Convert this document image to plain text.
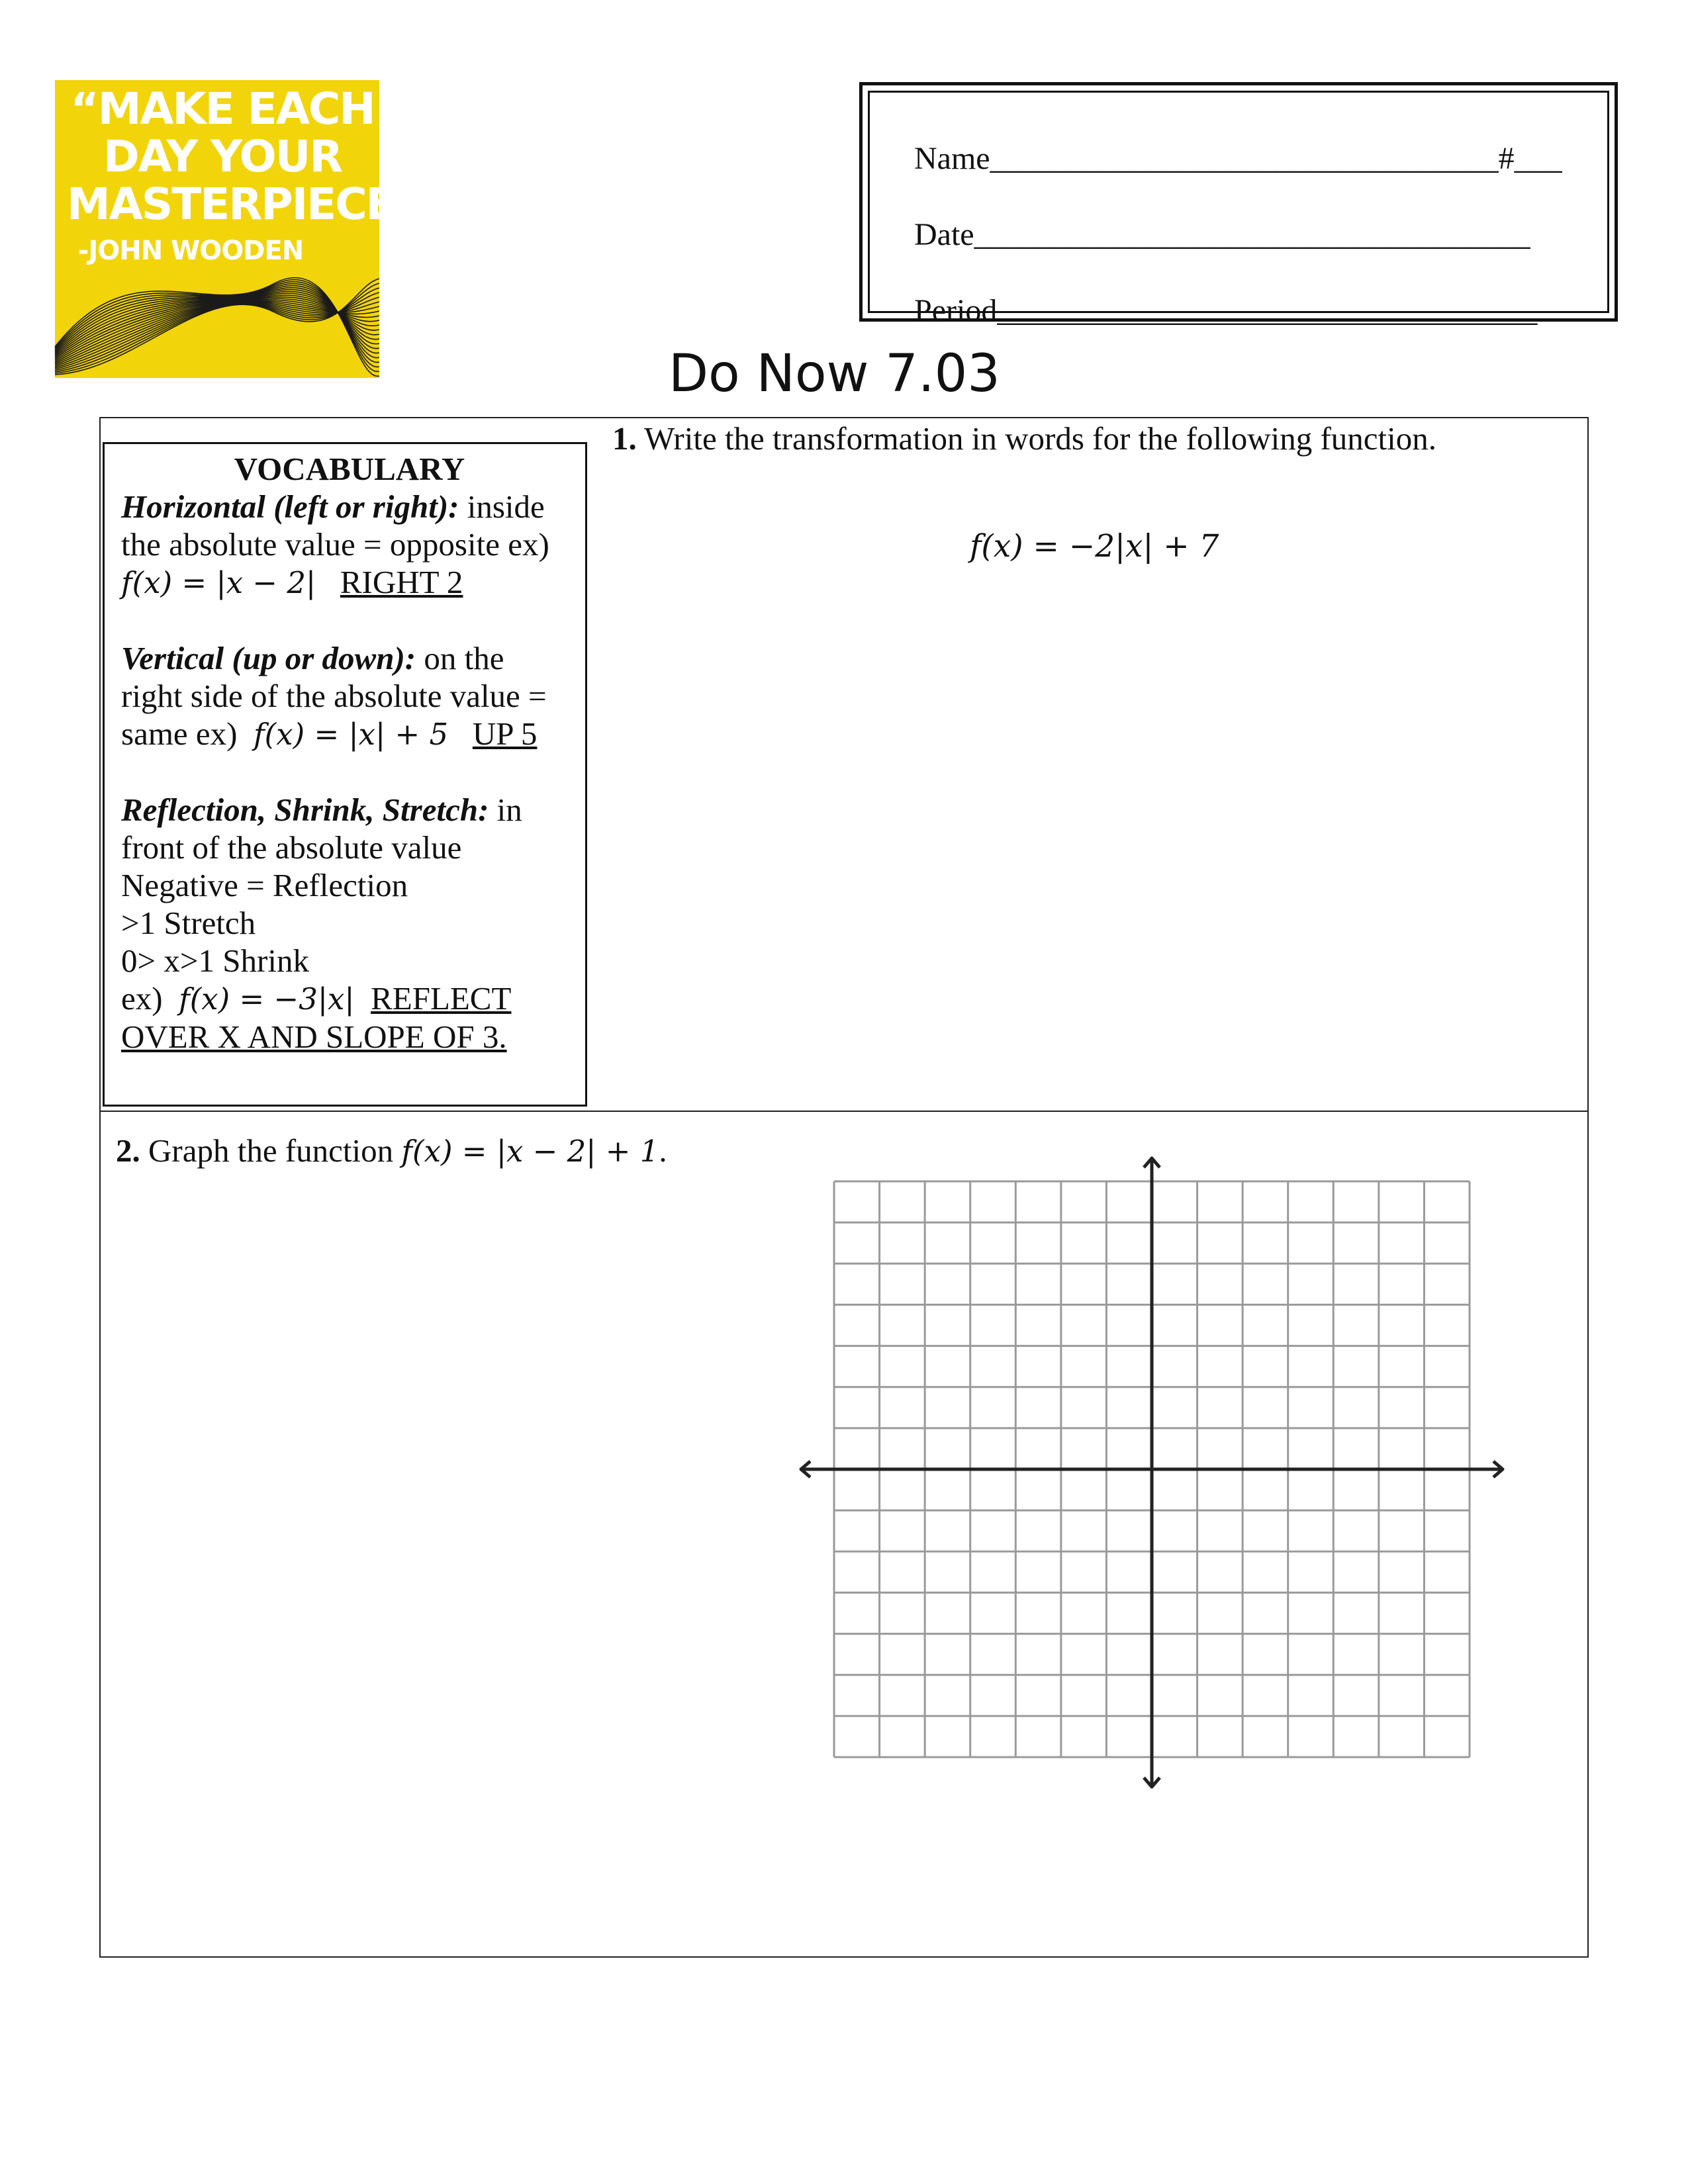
“MAKE EACH
DAY YOUR
MASTERPIECE.”
-JOHN WOODEN

Name________________________________#___

Date___________________________________

Period__________________________________

Do Now 7.03
VOCABULARY
Horizontal (left or right): inside
the absolute value = opposite ex)
f(x) = |x − 2| RIGHT 2
Vertical (up or down): on the
right side of the absolute value =
same ex)  f(x) = |x| + 5 UP 5
Reflection, Shrink, Stretch: in
front of the absolute value
Negative = Reflection
>1 Stretch
0> x>1 Shrink
ex)  f(x) = −3|x| REFLECT
OVER X AND SLOPE OF 3.
1. Write the transformation in words for the following function.
f(x) = −2|x| + 7
2. Graph the function f(x) = |x − 2| + 1.
